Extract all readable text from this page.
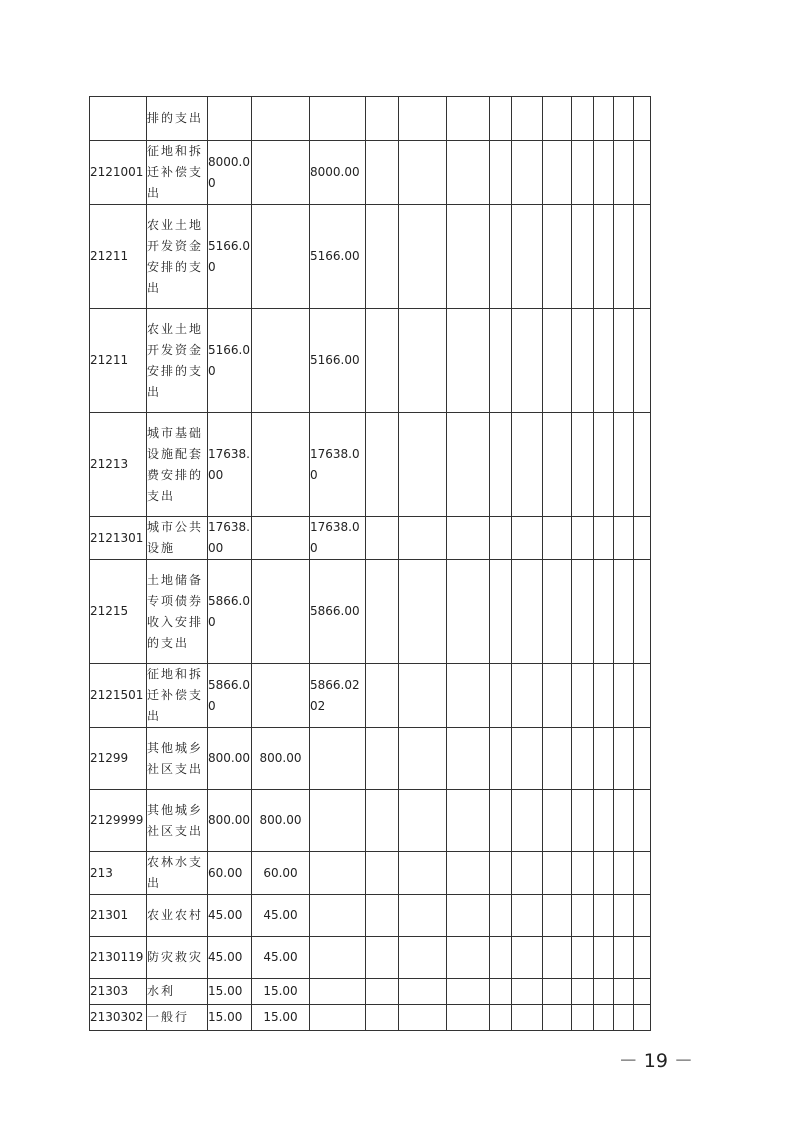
	排的支出													
2121001	征地和拆迁补偿支出	8000.00		8000.00										
21211	农业土地开发资金安排的支出	5166.00		5166.00										
21211	农业土地开发资金安排的支出	5166.00		5166.00										
21213	城市基础设施配套费安排的支出	17638.00		17638.00										
2121301	城市公共设施	17638.00		17638.00										
21215	土地储备专项债券收入安排的支出	5866.00		5866.00										
2121501	征地和拆迁补偿支出	5866.00		5866.0202										
21299	其他城乡社区支出	800.00	800.00											
2129999	其他城乡社区支出	800.00	800.00											
213	农林水支出	60.00	60.00											
21301	农业农村	45.00	45.00											
2130119	防灾救灾	45.00	45.00											
21303	水利	15.00	15.00											
2130302	一般行	15.00	15.00											
－ 19 －
